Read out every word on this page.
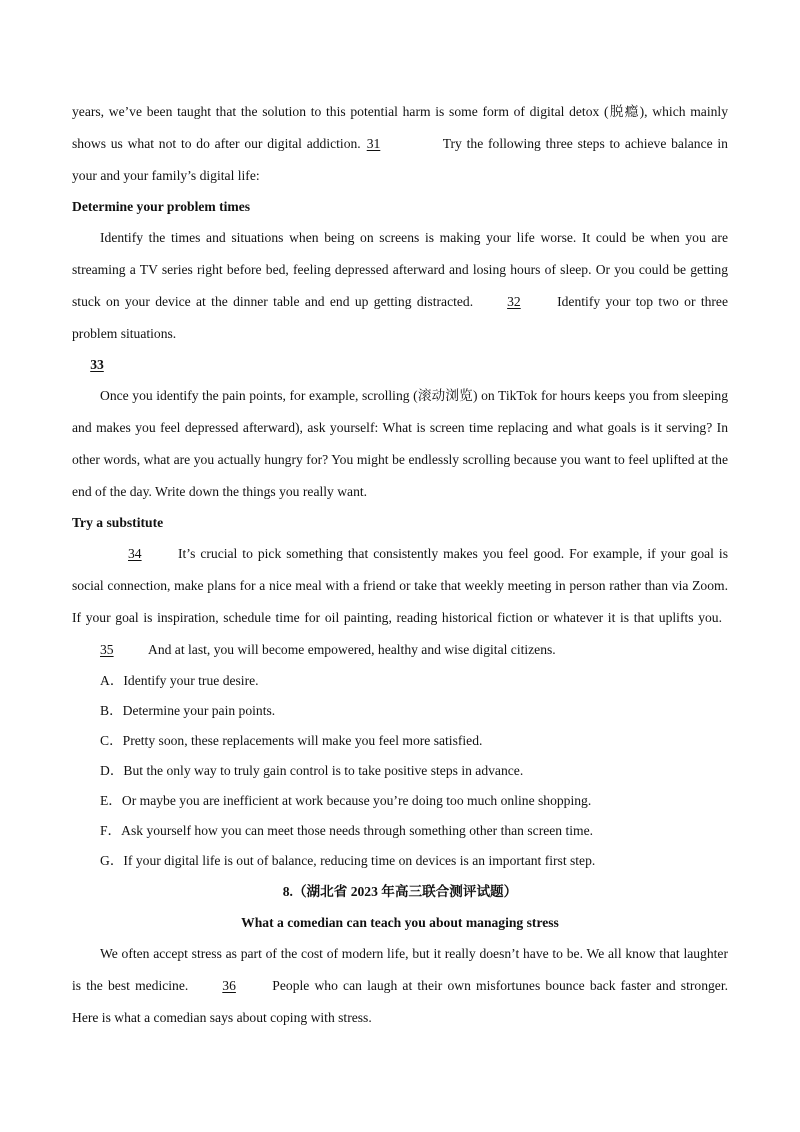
years, we’ve been taught that the solution to this potential harm is some form of digital detox (脱瘾), which mainly shows us what not to do after our digital addiction. 31	Try the following three steps to achieve balance in your and your family’s digital life:

Determine your problem times

Identify the times and situations when being on screens is making your life worse. It could be when you are streaming a TV series right before bed, feeling depressed afterward and losing hours of sleep. Or you could be getting stuck on your device at the dinner table and end up getting distracted.	32	Identify your top two or three problem situations.

33

Once you identify the pain points, for example, scrolling (滚动浏览) on TikTok for hours keeps you from sleeping and makes you feel depressed afterward), ask yourself: What is screen time replacing and what goals is it serving? In other words, what are you actually hungry for? You might be endlessly scrolling because you want to feel uplifted at the end of the day. Write down the things you really want.

Try a substitute

34	It’s crucial to pick something that consistently makes you feel good. For example, if your goal is social connection, make plans for a nice meal with a friend or take that weekly meeting in person rather than via Zoom. If your goal is inspiration, schedule time for oil painting, reading historical fiction or whatever it is that uplifts you.35	And at last, you will become empowered, healthy and wise digital citizens.

A．Identify your true desire.

B．Determine your pain points.

C．Pretty soon, these replacements will make you feel more satisfied.

D．But the only way to truly gain control is to take positive steps in advance.

E．Or maybe you are inefficient at work because you’re doing too much online shopping.

F．Ask yourself how you can meet those needs through something other than screen time.

G．If your digital life is out of balance, reducing time on devices is an important first step.

8.（湖北省 2023 年高三联合测评试题）

What a comedian can teach you about managing stress

We often accept stress as part of the cost of modern life, but it really doesn’t have to be. We all know that laughter is the best medicine.	36	People who can laugh at their own misfortunes bounce back faster and stronger. Here is what a comedian says about coping with stress.
